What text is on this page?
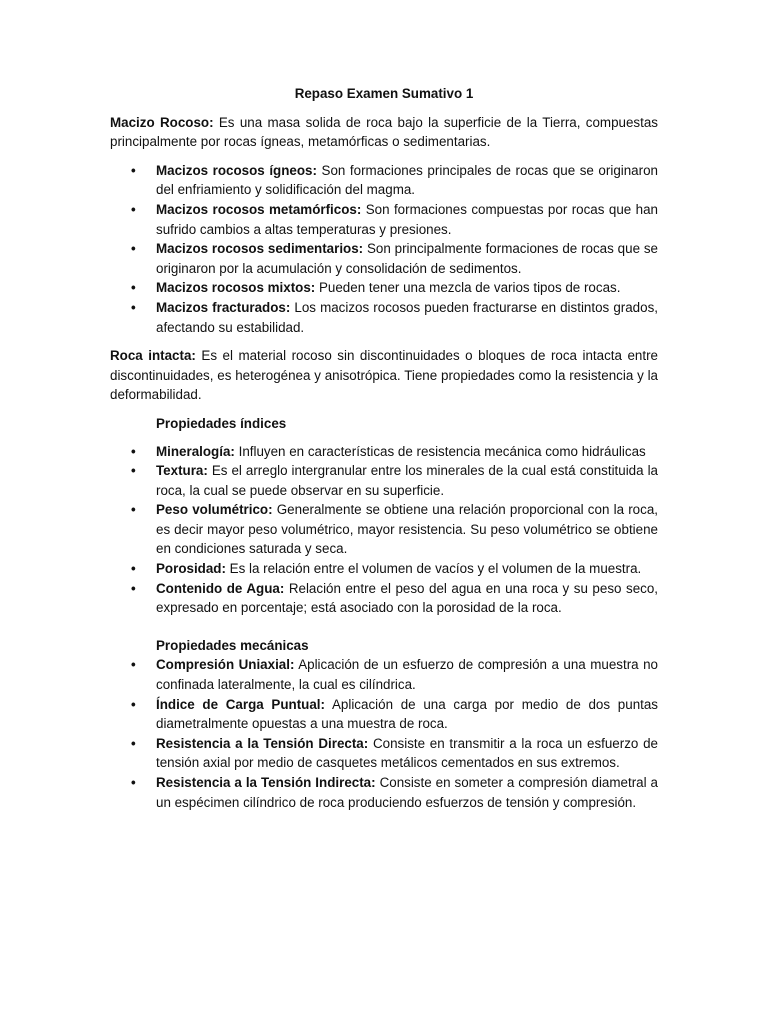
Repaso Examen Sumativo 1
Macizo Rocoso: Es una masa solida de roca bajo la superficie de la Tierra, compuestas principalmente por rocas ígneas, metamórficas o sedimentarias.
• Macizos rocosos ígneos: Son formaciones principales de rocas que se originaron del enfriamiento y solidificación del magma.
• Macizos rocosos metamórficos: Son formaciones compuestas por rocas que han sufrido cambios a altas temperaturas y presiones.
• Macizos rocosos sedimentarios: Son principalmente formaciones de rocas que se originaron por la acumulación y consolidación de sedimentos.
• Macizos rocosos mixtos: Pueden tener una mezcla de varios tipos de rocas.
• Macizos fracturados: Los macizos rocosos pueden fracturarse en distintos grados, afectando su estabilidad.
Roca intacta: Es el material rocoso sin discontinuidades o bloques de roca intacta entre discontinuidades, es heterogénea y anisotrópica. Tiene propiedades como la resistencia y la deformabilidad.
Propiedades índices
• Mineralogía: Influyen en características de resistencia mecánica como hidráulicas
• Textura: Es el arreglo intergranular entre los minerales de la cual está constituida la roca, la cual se puede observar en su superficie.
• Peso volumétrico: Generalmente se obtiene una relación proporcional con la roca, es decir mayor peso volumétrico, mayor resistencia. Su peso volumétrico se obtiene en condiciones saturada y seca.
• Porosidad: Es la relación entre el volumen de vacíos y el volumen de la muestra.
• Contenido de Agua: Relación entre el peso del agua en una roca y su peso seco, expresado en porcentaje; está asociado con la porosidad de la roca.
Propiedades mecánicas
• Compresión Uniaxial: Aplicación de un esfuerzo de compresión a una muestra no confinada lateralmente, la cual es cilíndrica.
• Índice de Carga Puntual: Aplicación de una carga por medio de dos puntas diametralmente opuestas a una muestra de roca.
• Resistencia a la Tensión Directa: Consiste en transmitir a la roca un esfuerzo de tensión axial por medio de casquetes metálicos cementados en sus extremos.
• Resistencia a la Tensión Indirecta: Consiste en someter a compresión diametral a un espécimen cilíndrico de roca produciendo esfuerzos de tensión y compresión.
